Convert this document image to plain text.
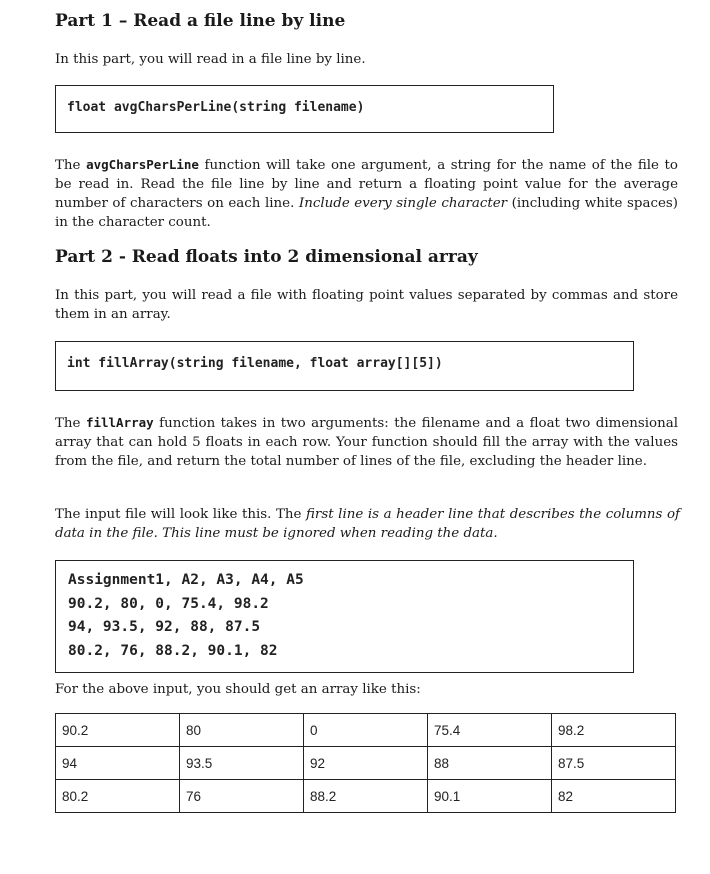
Part 1 – Read a file line by line

In this part, you will read in a file line by line.

float avgCharsPerLine(string filename)

The avgCharsPerLine function will take one argument, a string for the name of the file to be read in. Read the file line by line and return a floating point value for the average number of characters on each line. Include every single character (including white spaces) in the character count.

Part 2 - Read floats into 2 dimensional array

In this part, you will read a file with floating point values separated by commas and store them in an array.

int fillArray(string filename, float array[][5])

The fillArray function takes in two arguments: the filename and a float two dimensional array that can hold 5 floats in each row. Your function should fill the array with the values from the file, and return the total number of lines of the file, excluding the header line.

The input file will look like this. The first line is a header line that describes the columns of data in the file. This line must be ignored when reading the data.

Assignment1, A2, A3, A4, A5
90.2, 80, 0, 75.4, 98.2
94, 93.5, 92, 88, 87.5
80.2, 76, 88.2, 90.1, 82

For the above input, you should get an array like this:

90.2	80	0	75.4	98.2
94	93.5	92	88	87.5
80.2	76	88.2	90.1	82
